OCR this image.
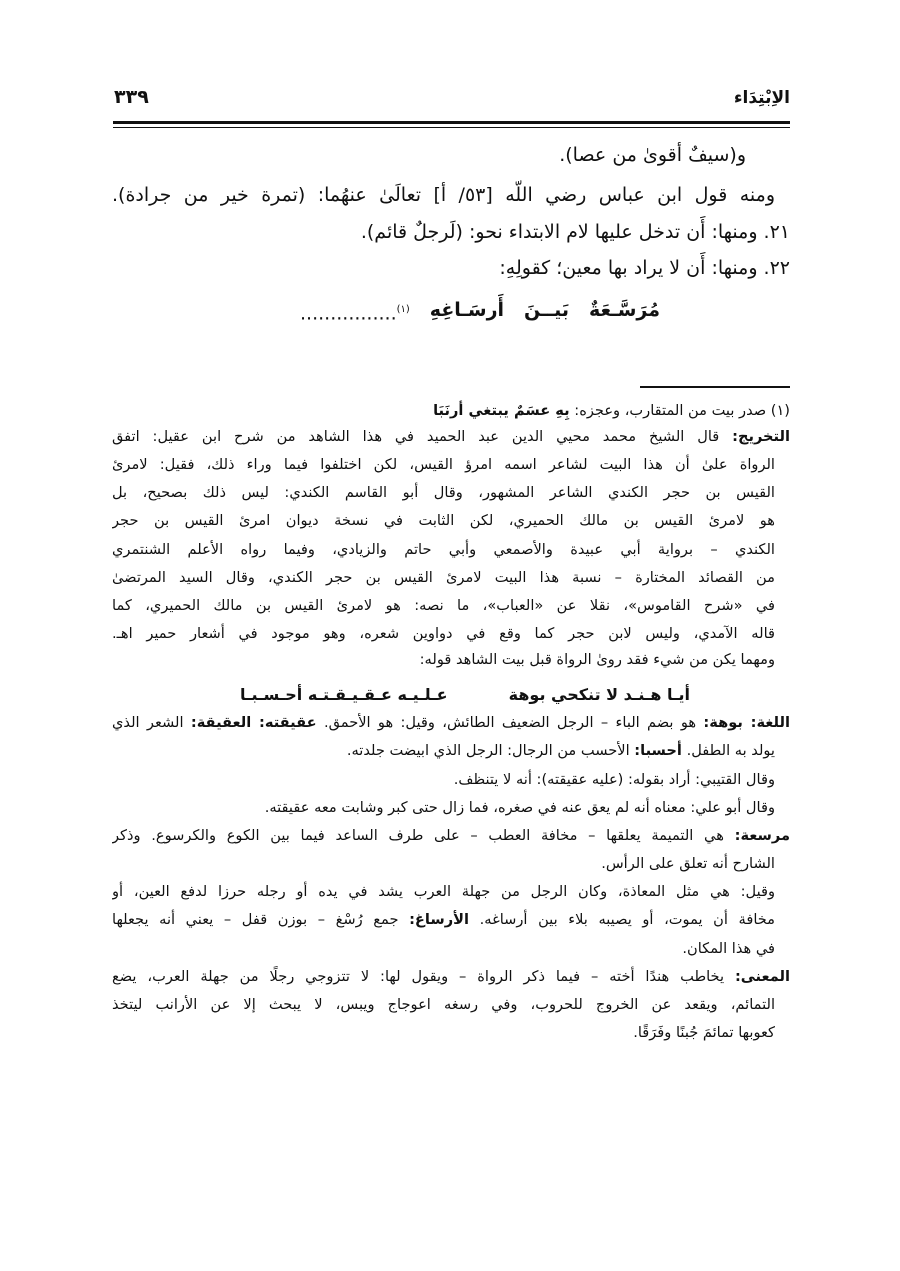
٣٣٩	الاِبْتِدَاء
و(سيفٌ أقوىٰ من عصا).
ومنه قول ابن عباس رضي اللَّه [٥٣/ أ] تعالَىٰ عنهُما: (تمرة خير من جرادة).
٢١. ومنها: أَن تدخل عليها لام الابتداء نحو: (لَرجلٌ قائم).
٢٢. ومنها: أَن لا يراد بها معين؛ كقولِهِ:
مُرَسَّـعَةٌ
بَيــنَ
أَرسَـاغِهِ
................$^{(١)}$
(١) صدر بيت من المتقارب، وعجزه: بِهِ عسَمٌ يبتغي أرنَبَا
التخريج: قال الشيخ محمد محيي الدين عبد الحميد في هذا الشاهد من شرح ابن عقيل: اتفق
الرواة علىٰ أن هذا البيت لشاعر اسمه امرؤ القيس، لكن اختلفوا فيما وراء ذلك، فقيل: لامرئ
القيس بن حجر الكندي الشاعر المشهور، وقال أبو القاسم الكندي: ليس ذلك بصحيح، بل
هو لامرئ القيس بن مالك الحميري، لكن الثابت في نسخة ديوان امرئ القيس بن حجر
الكندي – برواية أبي عبيدة والأصمعي وأبي حاتم والزيادي، وفيما رواه الأعلم الشنتمري
من القصائد المختارة – نسبة هذا البيت لامرئ القيس بن حجر الكندي، وقال السيد المرتضىٰ
في «شرح القاموس»، نقلا عن «العباب»، ما نصه: هو لامرئ القيس بن مالك الحميري، كما
قاله الآمدي، وليس لابن حجر كما وقع في دواوين شعره، وهو موجود في أشعار حمير اهـ.
ومهما يكن من شيء فقد روىٰ الرواة قبل بيت الشاهد قوله:
اللغة: بوهة: هو بضم الباء – الرجل الضعيف الطائش، وقيل: هو الأحمق. عقيقته: العقيقة: الشعر الذي
يولد به الطفل. أحسبا: الأحسب من الرجال: الرجل الذي ابيضت جلدته.
وقال القتيبي: أراد بقوله: (عليه عقيقته): أنه لا يتنظف.
وقال أبو علي: معناه أنه لم يعق عنه في صغره، فما زال حتى كبر وشابت معه عقيقته.
مرسعة: هي التميمة يعلقها – مخافة العطب – على طرف الساعد فيما بين الكوع والكرسوع. وذكر
الشارح أنه تعلق على الرأس.
وقيل: هي مثل المعاذة، وكان الرجل من جهلة العرب يشد في يده أو رجله حرزا لدفع العين، أو
مخافة أن يموت، أو يصيبه بلاء بين أرساغه. الأرساغ: جمع رُسْغ – بوزن قفل – يعني أنه يجعلها
في هذا المكان.
المعنى: يخاطب هندًا أخته – فيما ذكر الرواة – ويقول لها: لا تتزوجي رجلًا من جهلة العرب، يضع
التمائم، ويقعد عن الخروج للحروب، وفي رسغه اعوجاج ويبس، لا يبحث إلا عن الأرانب ليتخذ
كعوبها تمائمَ جُبنًا وفَرَقًا.
أيـا هـنـد لا تنكحي بوهة
عـلـيـه عـقـيـقـتـه أحـسـبـا
